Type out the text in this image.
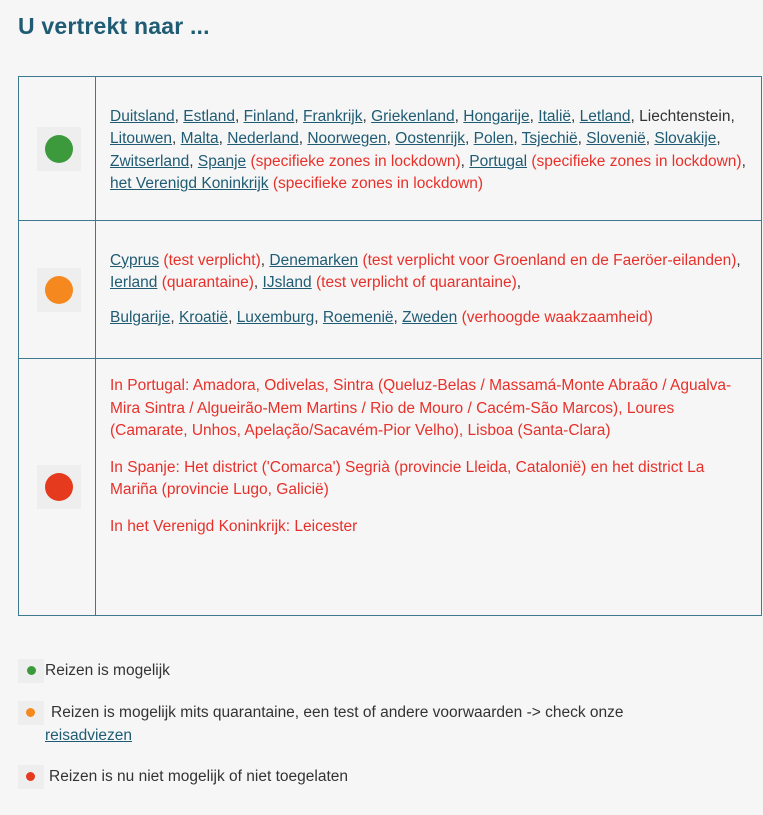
U vertrekt naar ...
	Duitsland, Estland, Finland, Frankrijk, Griekenland, Hongarije, Italië, Letland, Liechtenstein, Litouwen, Malta, Nederland, Noorwegen, Oostenrijk, Polen, Tsjechië, Slovenië, Slovakije, Zwitserland, Spanje (specifieke zones in lockdown), Portugal (specifieke zones in lockdown), het Verenigd Koninkrijk (specifieke zones in lockdown)

	Cyprus (test verplicht), Denemarken (test verplicht voor Groenland en de Faeröer-eilanden), Ierland (quarantaine), IJsland (test verplicht of quarantaine),

Bulgarije, Kroatië, Luxemburg, Roemenië, Zweden (verhoogde waakzaamheid)

	In Portugal: Amadora, Odivelas, Sintra (Queluz-Belas / Massamá-Monte Abraão / Agualva-Mira Sintra / Algueirão-Mem Martins / Rio de Mouro / Cacém-São Marcos), Loures (Camarate, Unhos, Apelação/Sacavém-Pior Velho), Lisboa (Santa-Clara)

In Spanje: Het district ('Comarca') Segrià (provincie Lleida, Catalonië) en het district La Mariña (provincie Lugo, Galicië)

In het Verenigd Koninkrijk: Leicester

Reizen is mogelijk
Reizen is mogelijk mits quarantaine, een test of andere voorwaarden -> check onze
reisadviezen
Reizen is nu niet mogelijk of niet toegelaten
